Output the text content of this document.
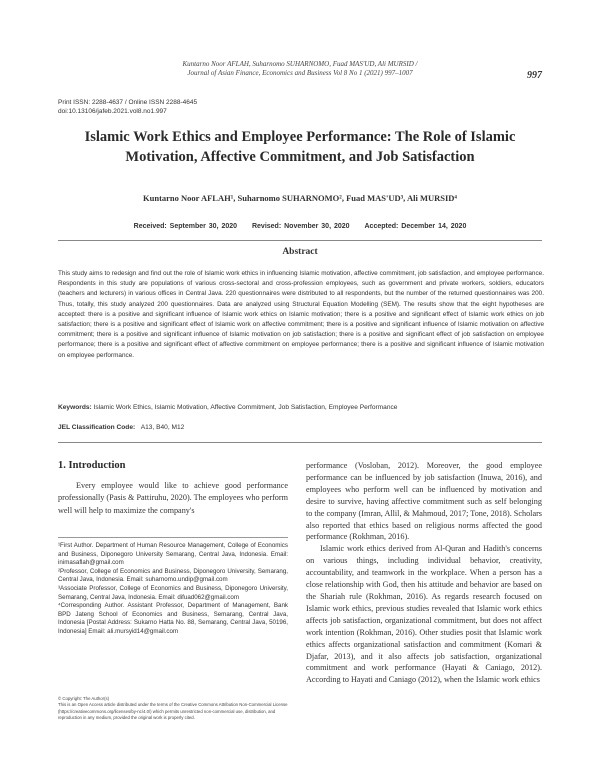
Kuntarno Noor AFLAH, Suharnomo SUHARNOMO, Fuad MAS'UD, Ali MURSID /
Journal of Asian Finance, Economics and Business Vol 8 No 1 (2021) 997–1007	997
Print ISSN: 2288-4637 / Online ISSN 2288-4645
doi:10.13106/jafeb.2021.vol8.no1.997
Islamic Work Ethics and Employee Performance: The Role of Islamic
Motivation, Affective Commitment, and Job Satisfaction
Kuntarno Noor AFLAH¹, Suharnomo SUHARNOMO², Fuad MAS'UD³, Ali MURSID⁴
Received: September 30, 2020 Revised: November 30, 2020 Accepted: December 14, 2020
Abstract
This study aims to redesign and find out the role of Islamic work ethics in influencing Islamic motivation, affective commitment, job satisfaction, and employee performance. Respondents in this study are populations of various cross-sectoral and cross-profession employees, such as government and private workers, soldiers, educators (teachers and lecturers) in various offices in Central Java. 220 questionnaires were distributed to all respondents, but the number of the returned questionnaires was 200. Thus, totally, this study analyzed 200 questionnaires. Data are analyzed using Structural Equation Modelling (SEM). The results show that the eight hypotheses are accepted: there is a positive and significant influence of Islamic work ethics on Islamic motivation; there is a positive and significant effect of Islamic work ethics on job satisfaction; there is a positive and significant effect of Islamic work on affective commitment; there is a positive and significant influence of Islamic motivation on affective commitment; there is a positive and significant influence of Islamic motivation on job satisfaction; there is a positive and significant effect of job satisfaction on employee performance; there is a positive and significant effect of affective commitment on employee performance; there is a positive and significant influence of Islamic motivation on employee performance.
Keywords: Islamic Work Ethics, Islamic Motivation, Affective Commitment, Job Satisfaction, Employee Performance
JEL Classification Code: A13, B40, M12
1. Introduction
Every employee would like to achieve good performance professionally (Pasis & Pattiruhu, 2020). The employees who perform well will help to maximize the company's

¹First Author. Department of Human Resource Management, College of Economics and Business, Diponegoro University Semarang, Central Java, Indonesia. Email: inimasaflah@gmail.com

²Professor, College of Economics and Business, Diponegoro University, Semarang, Central Java, Indonesia. Email: suharnomo.undip@gmail.com

³Associate Professor, College of Economics and Business, Diponegoro University, Semarang, Central Java, Indonesia. Email: difuad062@gmail.com

⁴Corresponding Author. Assistant Professor, Department of Management, Bank BPD Jateng School of Economics and Business, Semarang, Central Java, Indonesia [Postal Address: Sukarno Hatta No. 88, Semarang, Central Java, 50196, Indonesia] Email: ali.mursyid14@gmail.com

© Copyright: The Author(s)

This is an Open Access article distributed under the terms of the Creative Commons Attribution Non-Commercial License (https://creativecommons.org/licenses/by-nc/4.0/) which permits unrestricted non-commercial use, distribution, and reproduction in any medium, provided the original work is properly cited.

performance (Vosloban, 2012). Moreover, the good employee performance can be influenced by job satisfaction (Inuwa, 2016), and employees who perform well can be influenced by motivation and desire to survive, having affective commitment such as self belonging to the company (Imran, Allil, & Mahmoud, 2017; Tone, 2018). Scholars also reported that ethics based on religious norms affected the good performance (Rokhman, 2016).

Islamic work ethics derived from Al-Quran and Hadith's concerns on various things, including individual behavior, creativity, accountability, and teamwork in the workplace. When a person has a close relationship with God, then his attitude and behavior are based on the Shariah rule (Rokhman, 2016). As regards research focused on Islamic work ethics, previous studies revealed that Islamic work ethics affects job satisfaction, organizational commitment, but does not affect work intention (Rokhman, 2016). Other studies posit that Islamic work ethics affects organizational satisfaction and commitment (Komari & Djafar, 2013), and it also affects job satisfaction, organizational commitment and work performance (Hayati & Caniago, 2012). According to Hayati and Caniago (2012), when the Islamic work ethics
